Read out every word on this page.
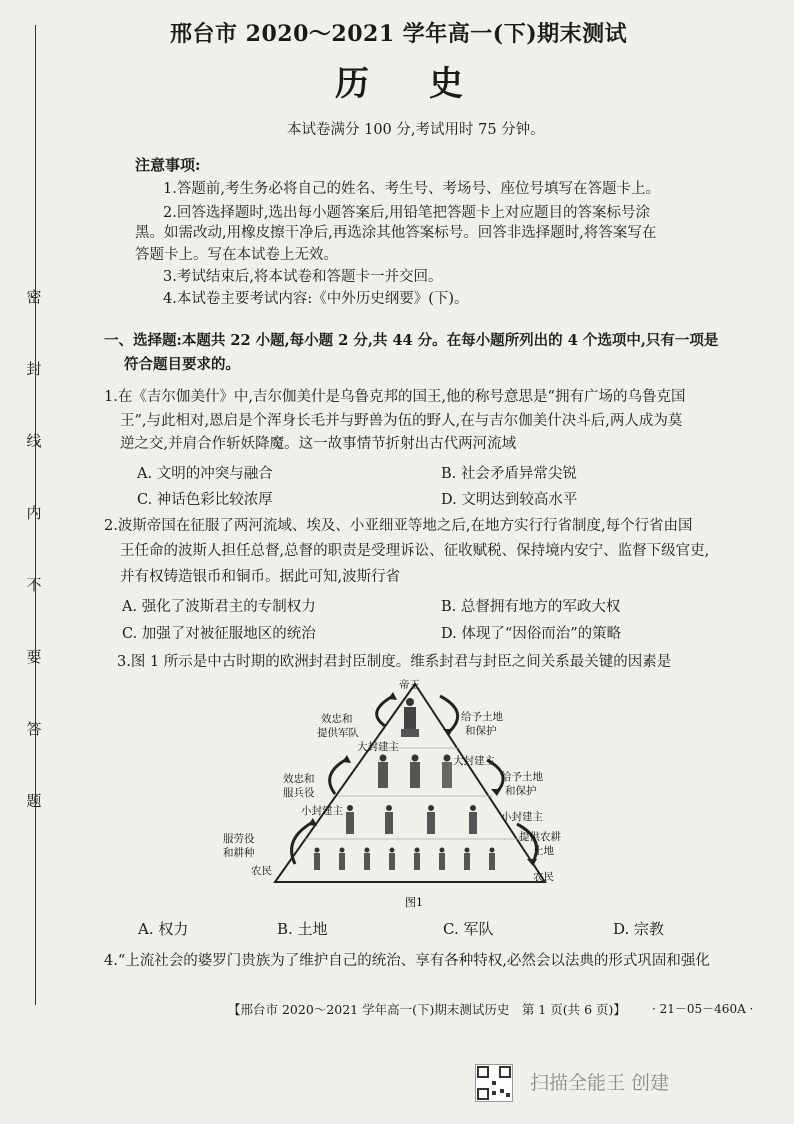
密
封
线
内
不
要
答
题
邢台市 2020～2021 学年高一(下)期末测试
历史
本试卷满分 100 分,考试用时 75 分钟。
注意事项:
1.答题前,考生务必将自己的姓名、考生号、考场号、座位号填写在答题卡上。
2.回答选择题时,选出每小题答案后,用铅笔把答题卡上对应题目的答案标号涂
黑。如需改动,用橡皮擦干净后,再选涂其他答案标号。回答非选择题时,将答案写在
答题卡上。写在本试卷上无效。
3.考试结束后,将本试卷和答题卡一并交回。
4.本试卷主要考试内容:《中外历史纲要》(下)。
一、选择题:本题共 22 小题,每小题 2 分,共 44 分。在每小题所列出的 4 个选项中,只有一项是
符合题目要求的。
1.在《吉尔伽美什》中,吉尔伽美什是乌鲁克邦的国王,他的称号意思是“拥有广场的乌鲁克国
王”,与此相对,恩启是个浑身长毛并与野兽为伍的野人,在与吉尔伽美什决斗后,两人成为莫
逆之交,并肩合作斩妖降魔。这一故事情节折射出古代两河流域
A. 文明的冲突与融合	B. 社会矛盾异常尖锐
C. 神话色彩比较浓厚	D. 文明达到较高水平
2.波斯帝国在征服了两河流域、埃及、小亚细亚等地之后,在地方实行行省制度,每个行省由国
王任命的波斯人担任总督,总督的职责是受理诉讼、征收赋税、保持境内安宁、监督下级官吏,
并有权铸造银币和铜币。据此可知,波斯行省
A. 强化了波斯君主的专制权力	B. 总督拥有地方的军政大权
C. 加强了对被征服地区的统治	D. 体现了“因俗而治”的策略
3.图 1 所示是中古时期的欧洲封君封臣制度。维系封君与封臣之间关系最关键的因素是
帝王
效忠和
提供军队
给予土地
和保护
大封建主
大封建主
效忠和
服兵役
给予土地
和保护
小封建主	小封建主
服劳役
和耕种
提供农耕
土地
农民	农民
图1
A. 权力	B. 土地	C. 军队	D. 宗教
4.“上流社会的婆罗门贵族为了维护自己的统治、享有各种特权,必然会以法典的形式巩固和强化
【邢台市 2020～2021 学年高一(下)期末测试历史　第 1 页(共 6 页)】 · 21－05－460A ·
扫描全能王 创建
